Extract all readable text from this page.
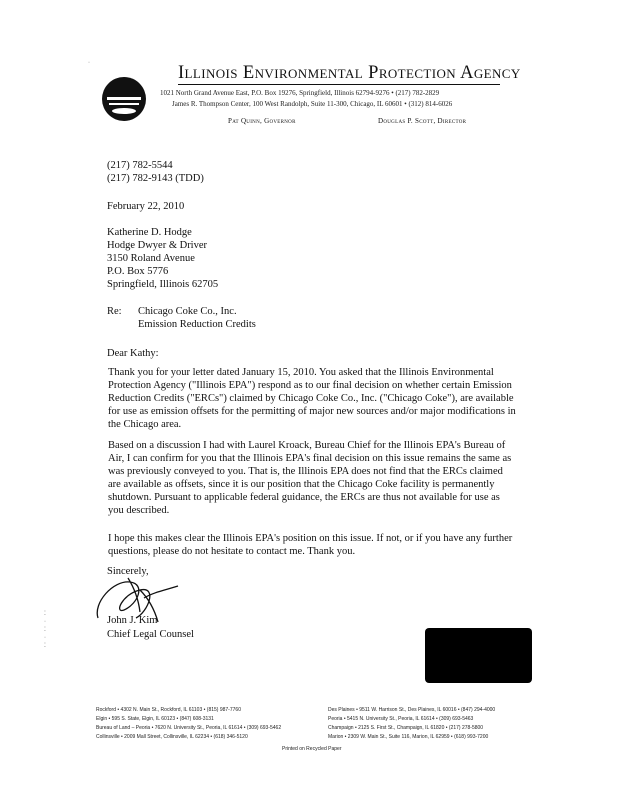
Illinois Environmental Protection Agency
1021 North Grand Avenue East, P.O. Box 19276, Springfield, Illinois 62794-9276 • (217) 782-2829
James R. Thompson Center, 100 West Randolph, Suite 11-300, Chicago, IL 60601 • (312) 814-6026
Pat Quinn, Governor	Douglas P. Scott, Director
(217) 782-5544
(217) 782-9143 (TDD)
February 22, 2010
Katherine D. Hodge
Hodge Dwyer & Driver
3150 Roland Avenue
P.O. Box 5776
Springfield, Illinois 62705
Re: Chicago Coke Co., Inc.
Emission Reduction Credits
Dear Kathy:
Thank you for your letter dated January 15, 2010. You asked that the Illinois Environmental
Protection Agency ("Illinois EPA") respond as to our final decision on whether certain Emission
Reduction Credits ("ERCs") claimed by Chicago Coke Co., Inc. ("Chicago Coke"), are available
for use as emission offsets for the permitting of major new sources and/or major modifications in
the Chicago area.
Based on a discussion I had with Laurel Kroack, Bureau Chief for the Illinois EPA's Bureau of
Air, I can confirm for you that the Illinois EPA's final decision on this issue remains the same as
was previously conveyed to you. That is, the Illinois EPA does not find that the ERCs claimed
are available as offsets, since it is our position that the Chicago Coke facility is permanently
shutdown. Pursuant to applicable federal guidance, the ERCs are thus not available for use as
you described.
I hope this makes clear the Illinois EPA's position on this issue. If not, or if you have any further
questions, please do not hesitate to contact me. Thank you.
Sincerely,
John J. Kim
Chief Legal Counsel
⁚
·
⁚
·
⁚
·
Rockford • 4302 N. Main St., Rockford, IL 61103 • (815) 987-7760
Elgin • 595 S. State, Elgin, IL 60123 • (847) 608-3131
Bureau of Land – Peoria • 7620 N. University St., Peoria, IL 61614 • (309) 693-5462
Collinsville • 2009 Mall Street, Collinsville, IL 62234 • (618) 346-5120
Des Plaines • 9511 W. Harrison St., Des Plaines, IL 60016 • (847) 294-4000
Peoria • 5415 N. University St., Peoria, IL 61614 • (309) 693-5463
Champaign • 2125 S. First St., Champaign, IL 61820 • (217) 278-5800
Marion • 2309 W. Main St., Suite 116, Marion, IL 62959 • (618) 993-7200
Printed on Recycled Paper
